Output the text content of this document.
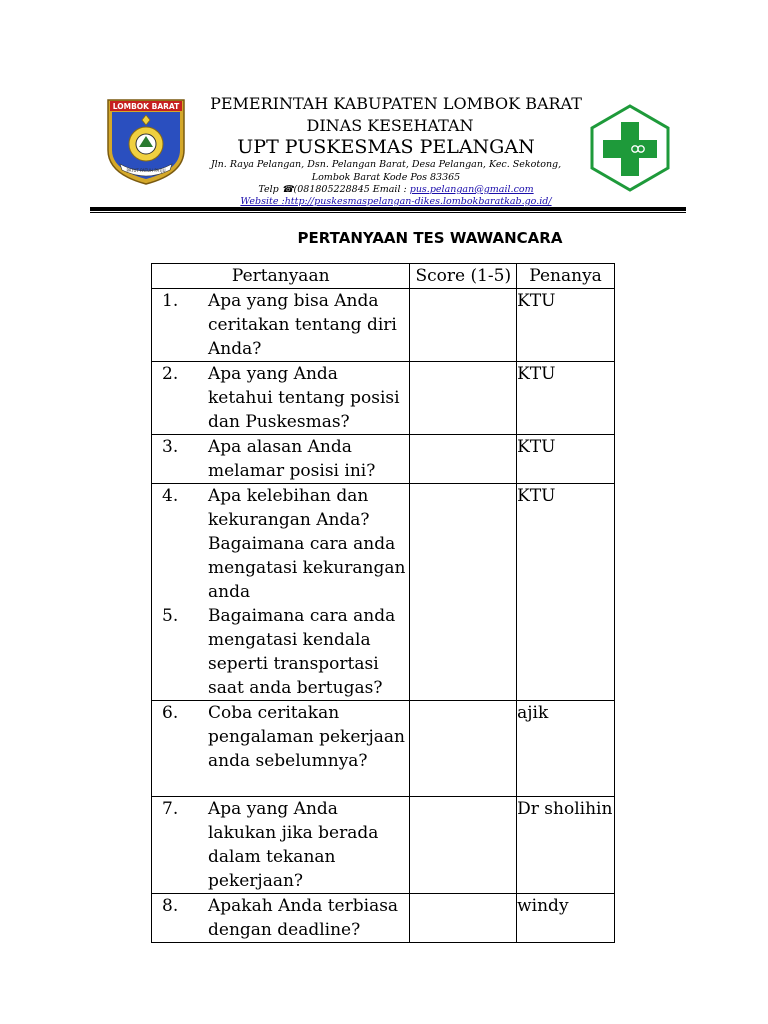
LOMBOK BARAT
PATUT PATUH PATJU
PEMERINTAH KABUPATEN LOMBOK BARAT
DINAS KESEHATAN
UPT PUSKESMAS PELANGAN
Jln. Raya Pelangan, Dsn. Pelangan Barat, Desa Pelangan, Kec. Sekotong, Lombok Barat Kode Pos 83365
Telp ☎(081805228845 Email : pus.pelangan@gmail.com
Website :http://puskesmaspelangan-dikes.lombokbaratkab.go.id/
PERTANYAAN TES WAWANCARA
Pertanyaan	Score (1-5)	Penanya

1. Apa yang bisa Anda ceritakan tentang diri Anda?		KTU

2. Apa yang Anda ketahui tentang posisi dan Puskesmas?		KTU

3. Apa alasan Anda melamar posisi ini?		KTU

4. Apa kelebihan dan kekurangan Anda? Bagaimana cara anda mengatasi kekurangan anda
5. Bagaimana cara anda mengatasi kendala seperti transportasi saat anda bertugas?		KTU

6. Coba ceritakan pengalaman pekerjaan anda sebelumnya?		ajik

7. Apa yang Anda lakukan jika berada dalam tekanan pekerjaan?		Dr sholihin

8. Apakah Anda terbiasa dengan deadline?		windy
